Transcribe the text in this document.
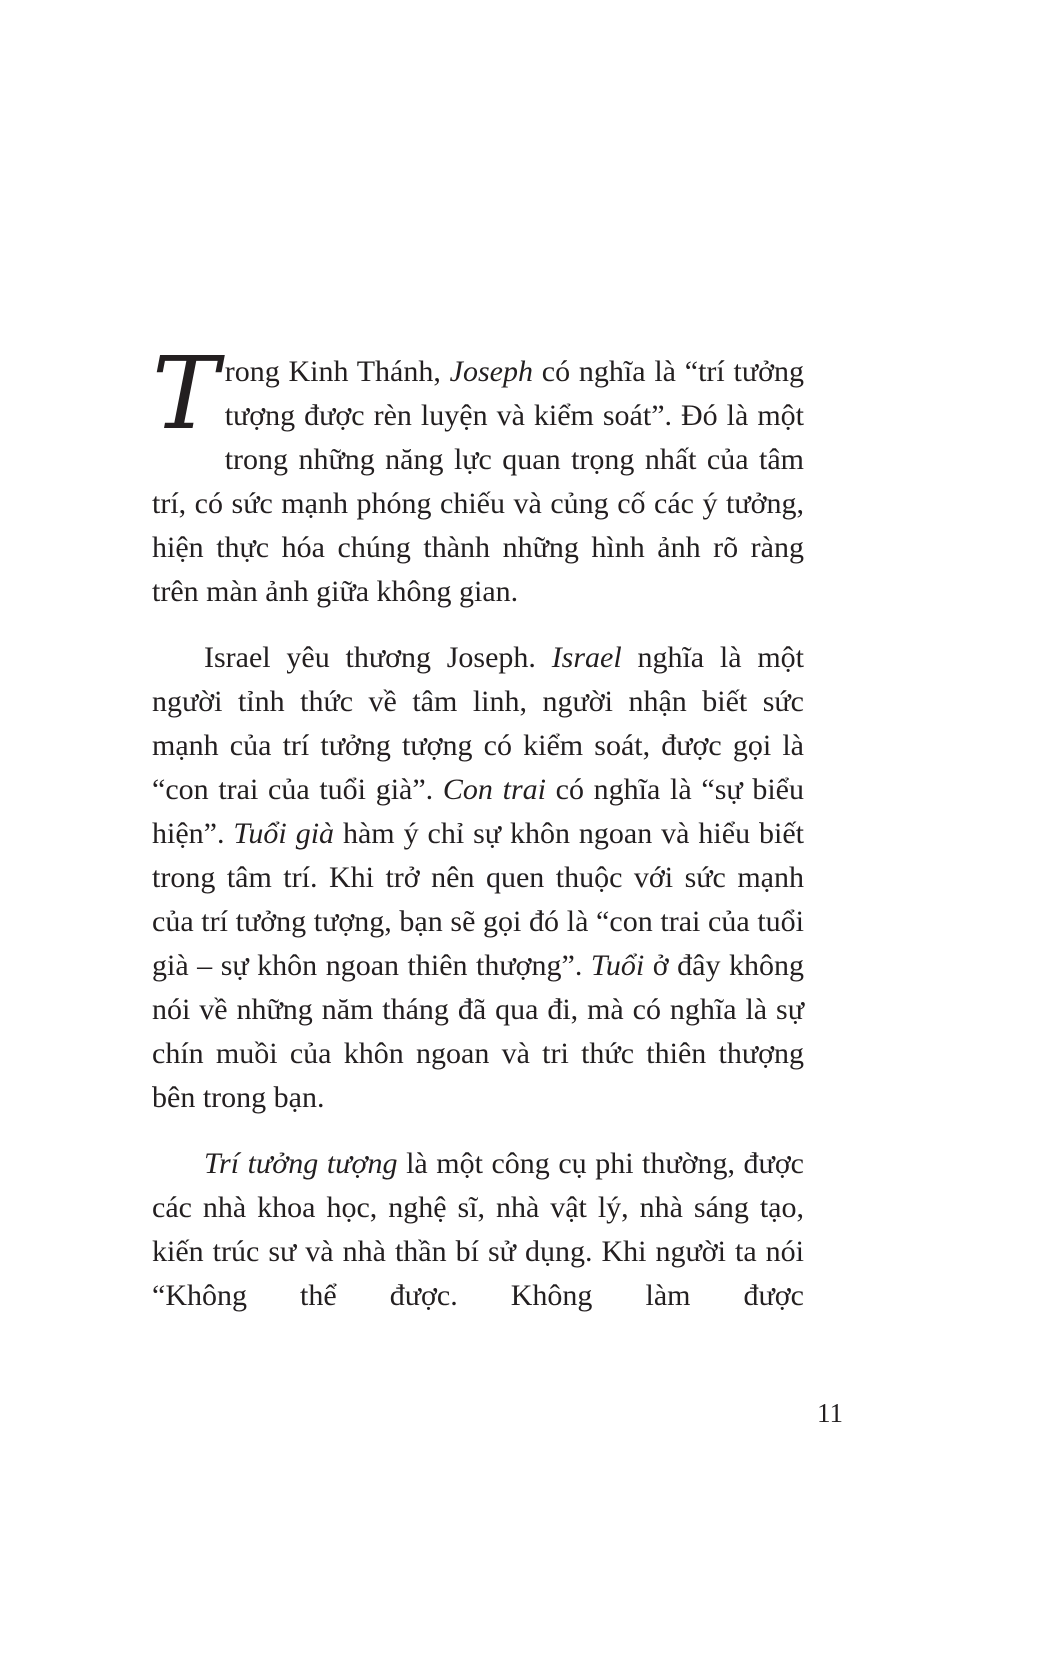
T rong Kinh Thánh, Joseph có nghĩa là “trí tưởng tượng được rèn luyện và kiểm soát”. Đó là một trong những năng lực quan trọng nhất của tâm trí, có sức mạnh phóng chiếu và củng cố các ý tưởng, hiện thực hóa chúng thành những hình ảnh rõ ràng trên màn ảnh giữa không gian.

Israel yêu thương Joseph. Israel nghĩa là một người tỉnh thức về tâm linh, người nhận biết sức mạnh của trí tưởng tượng có kiểm soát, được gọi là “con trai của tuổi già”. Con trai có nghĩa là “sự biểu hiện”. Tuổi già hàm ý chỉ sự khôn ngoan và hiểu biết trong tâm trí. Khi trở nên quen thuộc với sức mạnh của trí tưởng tượng, bạn sẽ gọi đó là “con trai của tuổi già – sự khôn ngoan thiên thượng”. Tuổi ở đây không nói về những năm tháng đã qua đi, mà có nghĩa là sự chín muồi của khôn ngoan và tri thức thiên thượng bên trong bạn.

Trí tưởng tượng là một công cụ phi thường, được các nhà khoa học, nghệ sĩ, nhà vật lý, nhà sáng tạo, kiến trúc sư và nhà thần bí sử dụng. Khi người ta nói “Không thể được. Không làm được

11
